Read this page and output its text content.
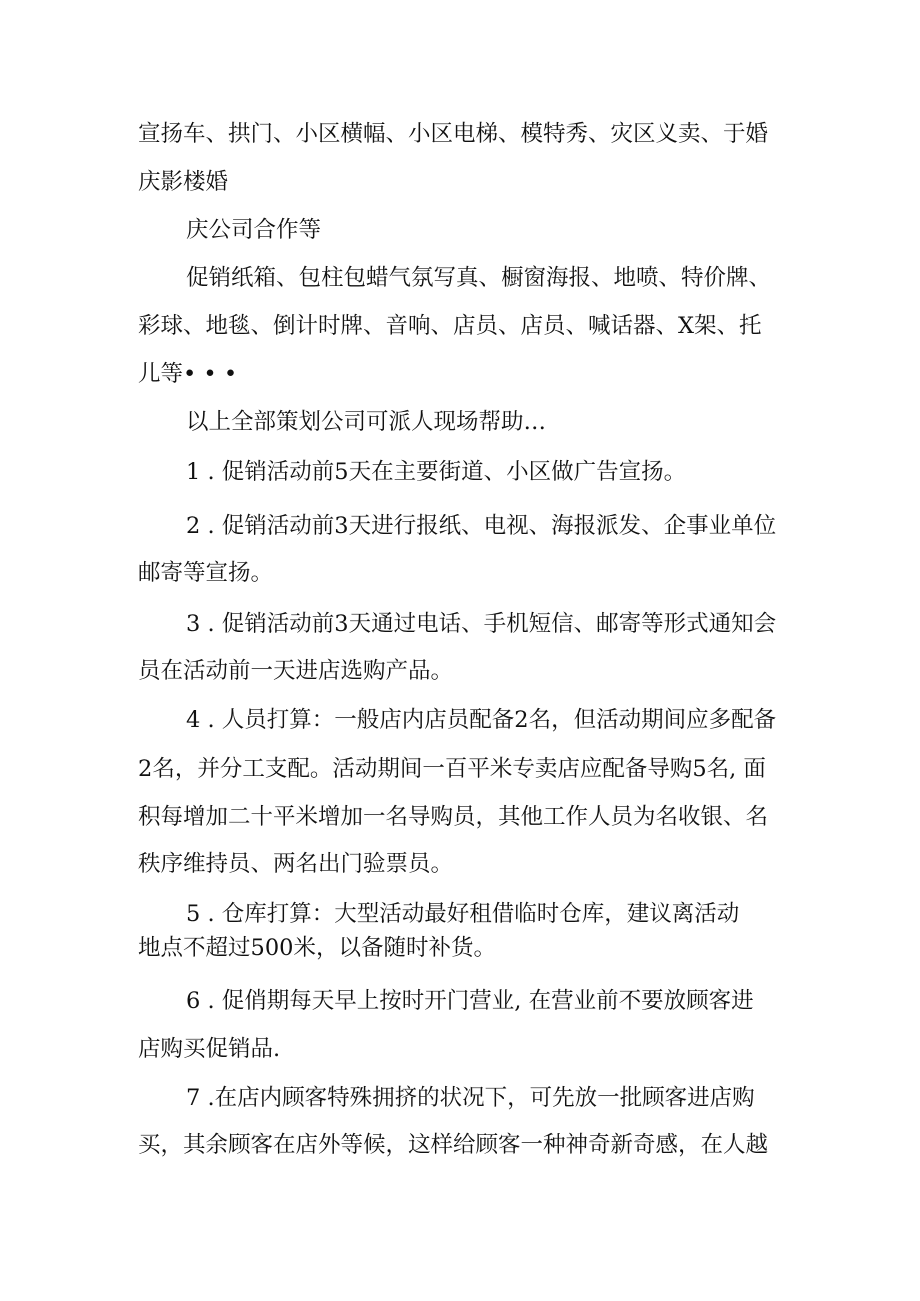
宣扬车、拱门、小区横幅、小区电梯、模特秀、灾区义卖、于婚
庆影楼婚
庆公司合作等
促销纸箱、包柱包蜡气氛写真、橱窗海报、地喷、特价牌、
彩球、地毯、倒计时牌、音响、店员、店员、喊话器、X架、托
儿等• • •
以上全部策划公司可派人现场帮助…
1 . 促销活动前5天在主要街道、小区做广告宣扬。
2 . 促销活动前3天进行报纸、电视、海报派发、企事业单位
邮寄等宣扬。
3 . 促销活动前3天通过电话、手机短信、邮寄等形式通知会
员在活动前一天进店选购产品。
4 . 人员打算：一般店内店员配备2名，但活动期间应多配备
2名，并分工支配。活动期间一百平米专卖店应配备导购5名, 面
积每增加二十平米增加一名导购员，其他工作人员为名收银、名
秩序维持员、两名出门验票员。
5 . 仓库打算：大型活动最好租借临时仓库，建议离活动
地点不超过500米，以备随时补货。
6 . 促俏期每天早上按时开门营业, 在营业前不要放顾客进
店购买促销品.
7 .在店内顾客特殊拥挤的状况下，可先放一批顾客进店购
买，其余顾客在店外等候，这样给顾客一种神奇新奇感，在人越
